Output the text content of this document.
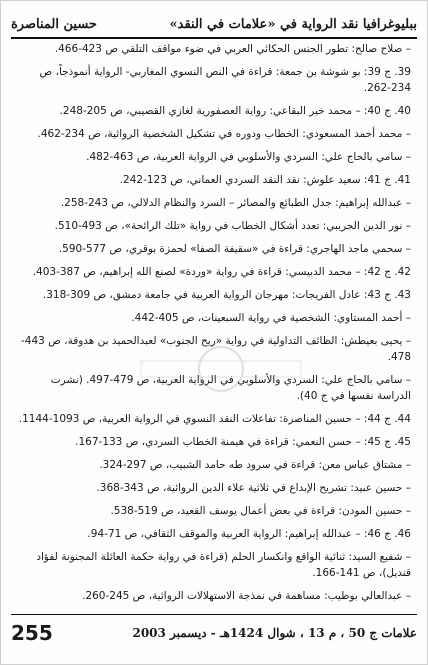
ببليوغرافيا نقد الرواية في «علامات في النقد»
حسين المناصرة

– صلاح صالح: تطور الجنس الحكائي العربي في ضوء مواقف التلقي ص 423-466.

39. ج 39: بو شوشة بن جمعة: قراءة في النص النسوي المغاربي- الرواية أنموذجاً، ص 234-262.

40. ج 40: – محمد خير البقاعي: رواية العصفورية لغازي القصيبي، ص 205-248.

– محمد أحمد المسعودي: الخطاب ودوره في تشكيل الشخصية الروائية، ص 234-462.

– سامي بالحاج علي: السردي والأسلوبي في الرواية العربية، ص 463-482.

41. ج 41: سعيد علوش: نقد النقد السردي العماني، ص 123-242.

– عبدالله إبراهيم: جدل الطبائع والمصائر – السرد والنظام الدلالي، ص 243-258.

– نور الدين الجريبي: تعدد أشكال الخطاب في رواية «تلك الرائحة»، ص 493-510.

– سحمي ماجد الهاجري: قراءة في «سقيفة الصفا» لحمزة بوقري، ص 577-590.

42. ج 42: – محمد الدبيسي: قراءة في رواية «وردة» لصنع الله إبراهيم، ص 387-403.

43. ج 43: عادل الفريجات: مهرجان الرواية العربية في جامعة دمشق، ص 309-318.

– أحمد المستاوي: الشخصية في رواية السبعينات، ص 405-442.

– يحيى بعيطش: الظائف التداولية في رواية «ريح الجنوب» لعبدالحميد بن هدوقة، ص 443-478.

– سامي بالحاج علي: السردي والأسلوبي في الرواية العربية، ص 479-497. (نشرت الدراسة نفسها في ج 40).

44. ج 44: – حسين المناصرة: تفاعلات النقد النسوي في الرواية العربية، ص 1093-1144.

45. ج 45: – حسن النعمي: قراءة في هيمنة الخطاب السردي، ص 133-167.

– مشتاق عباس معن: قراءة في سرود طه حامد الشبيب، ص 297-324.

– حسين عبيد: تشريح الإبداع في ثلاثية علاء الدين الروائية، ص 343-368.

– حسين المودن: قراءة في بعض أعمال يوسف القعيد، ص 519-538.

46. ج 46: – عبدالله إبراهيم: الرواية العربية والموقف الثقافي، ص 71-94.

– شفيع السيد: ثنائية الواقع وانكسار الحلم (قراءة في رواية حكمة العائلة المجنونة لفؤاد قنديل)، ص 141-166.

– عبدالعالي بوطيب: مساهمة في نمذجة الاستهلالات الروائية، ص 245-260.

علامات ج 50 ، م 13 ، شوال 1424هـ - ديسمبر 2003
255
